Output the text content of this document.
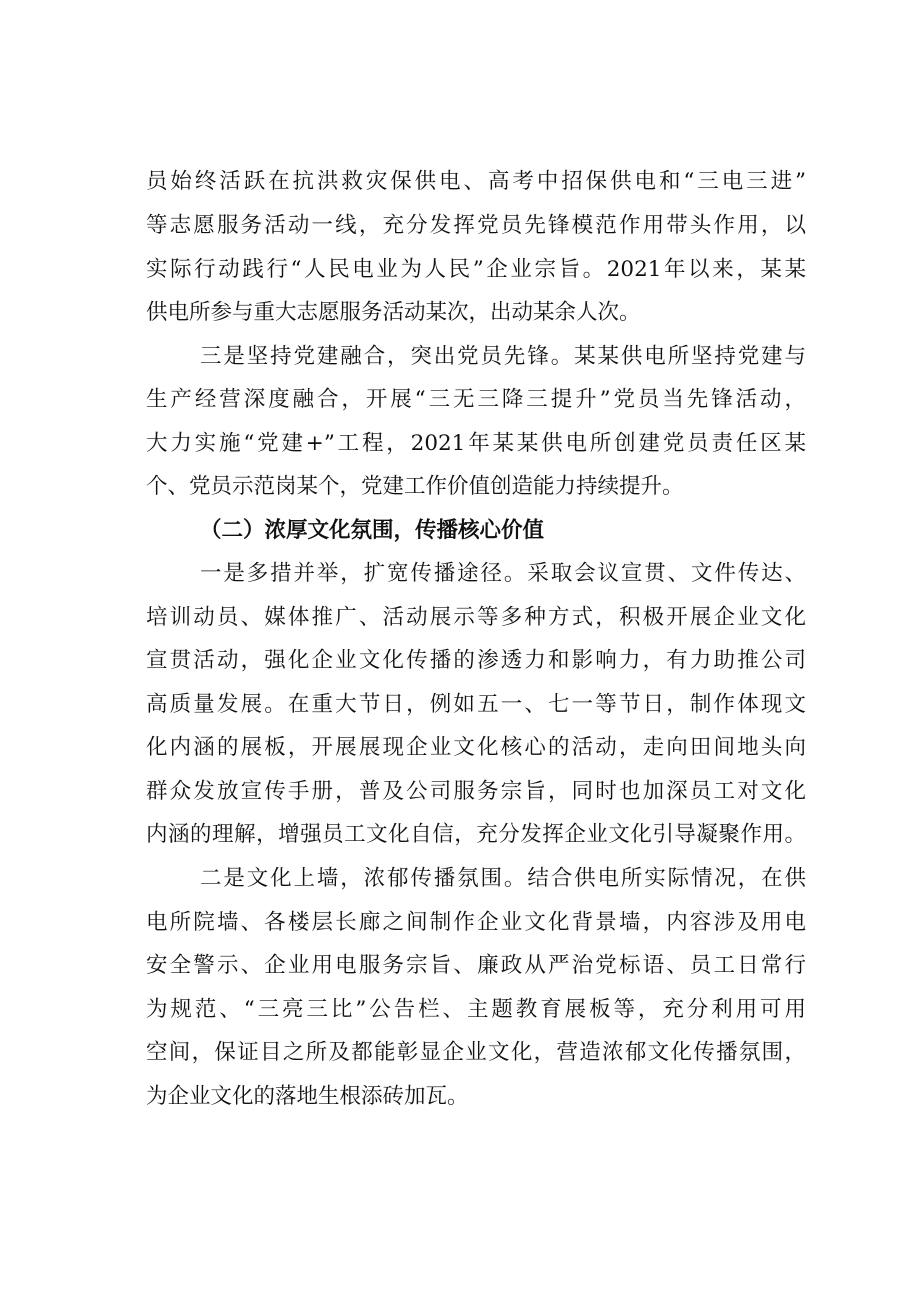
员始终活跃在抗洪救灾保供电、高考中招保供电和“三电三进”
等志愿服务活动一线，充分发挥党员先锋模范作用带头作用，以
实际行动践行“人民电业为人民”企业宗旨。2021年以来，某某
供电所参与重大志愿服务活动某次，出动某余人次。
三是坚持党建融合，突出党员先锋。某某供电所坚持党建与
生产经营深度融合，开展“三无三降三提升”党员当先锋活动，
大力实施“党建+”工程，2021年某某供电所创建党员责任区某
个、党员示范岗某个，党建工作价值创造能力持续提升。
（二）浓厚文化氛围，传播核心价值
一是多措并举，扩宽传播途径。采取会议宣贯、文件传达、
培训动员、媒体推广、活动展示等多种方式，积极开展企业文化
宣贯活动，强化企业文化传播的渗透力和影响力，有力助推公司
高质量发展。在重大节日，例如五一、七一等节日，制作体现文
化内涵的展板，开展展现企业文化核心的活动，走向田间地头向
群众发放宣传手册，普及公司服务宗旨，同时也加深员工对文化
内涵的理解，增强员工文化自信，充分发挥企业文化引导凝聚作用。
二是文化上墙，浓郁传播氛围。结合供电所实际情况，在供
电所院墙、各楼层长廊之间制作企业文化背景墙，内容涉及用电
安全警示、企业用电服务宗旨、廉政从严治党标语、员工日常行
为规范、“三亮三比”公告栏、主题教育展板等，充分利用可用
空间，保证目之所及都能彰显企业文化，营造浓郁文化传播氛围，
为企业文化的落地生根添砖加瓦。
